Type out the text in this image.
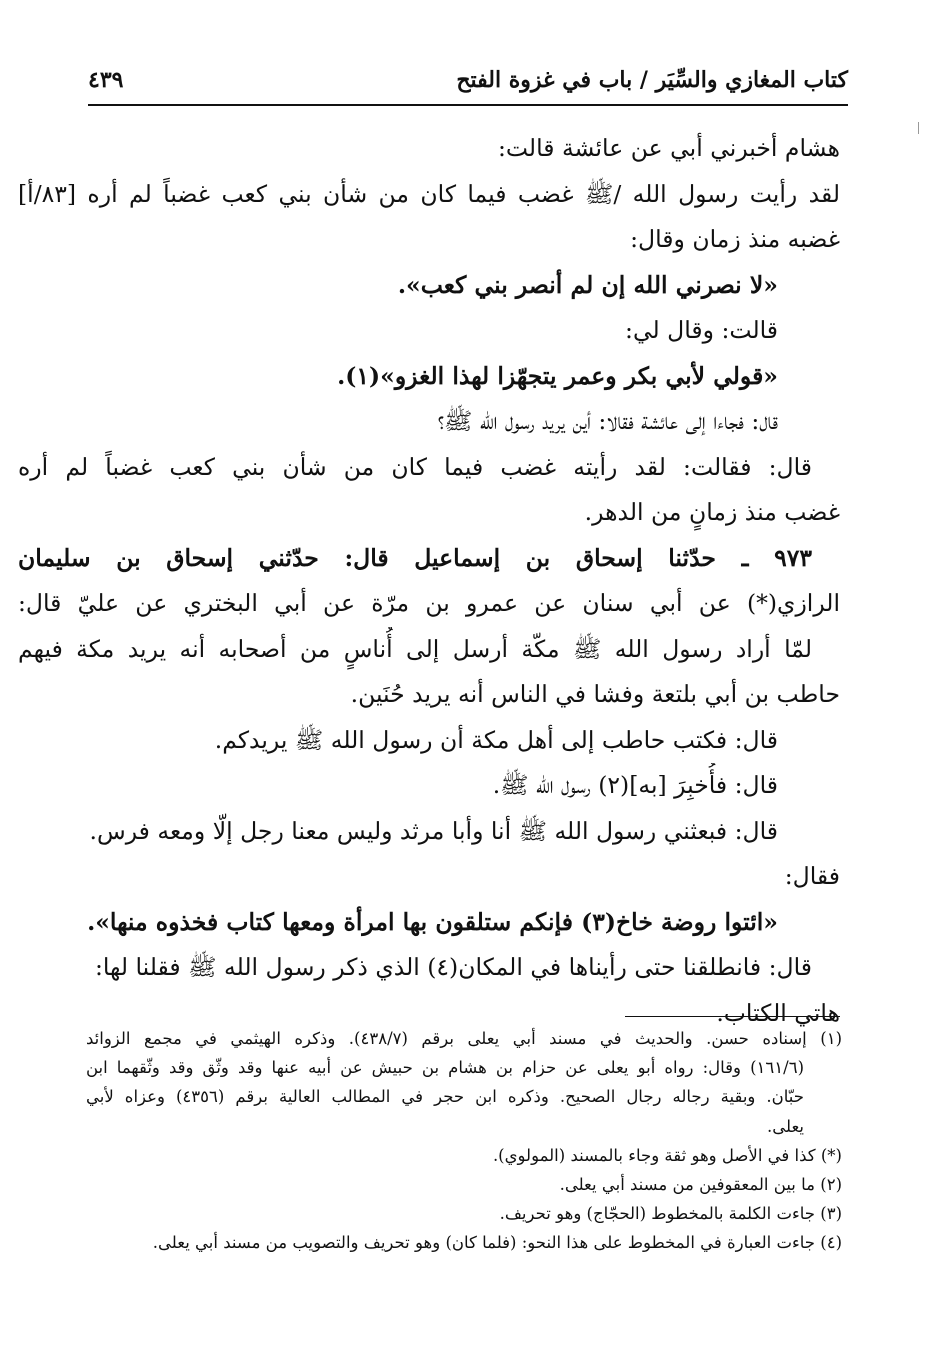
كتاب المغازي والسِّيَر / باب في غزوة الفتح
٤٣٩
هشام أخبرني أبي عن عائشة قالت:
لقد رأيت رسول الله /ﷺ غضب فيما كان من شأن بني كعب غضباً لم أره [٨٣/أ]
غضبه منذ زمان وقال:
«لا نصرني الله إن لم أنصر بني كعب».
قالت: وقال لي:
«قولي لأبي بكر وعمر يتجهّزا لهذا الغزو»(١).
قال: فجاءا إلى عائشة فقالا: أين يريد رسول الله ﷺ؟
قال: فقالت: لقد رأيته غضب فيما كان من شأن بني كعب غضباً لم أره
غضب منذ زمانٍ من الدهر.
٩٧٣ ـ حدّثنا إسحاق بن إسماعيل قال: حدّثني إسحاق بن سليمان
الرازي(*) عن أبي سنان عن عمرو بن مرّة عن أبي البختري عن عليّ قال:
لمّا أراد رسول الله ﷺ مكّة أرسل إلى أُناسٍ من أصحابه أنه يريد مكة فيهم
حاطب بن أبي بلتعة وفشا في الناس أنه يريد حُنَين.
قال: فكتب حاطب إلى أهل مكة أن رسول الله ﷺ يريدكم.
قال: فأُخبِرَ [به](٢) رسول الله ﷺ.
قال: فبعثني رسول الله ﷺ أنا وأبا مرثد وليس معنا رجل إلّا ومعه فرس.
فقال:
«ائتوا روضة خاخ(٣) فإنكم ستلقون بها امرأة ومعها كتاب فخذوه منها».
قال: فانطلقنا حتى رأيناها في المكان(٤) الذي ذكر رسول الله ﷺ فقلنا لها:
هاتي الكتاب.
(١) إسناده حسن. والحديث في مسند أبي يعلى برقم (٤٣٨/٧). وذكره الهيثمي في مجمع الزوائد
(١٦١/٦) وقال: رواه أبو يعلى عن حزام بن هشام بن حبيش عن أبيه عنها وقد وثّق وقد وثّقهما ابن
حبّان. وبقية رجاله رجال الصحيح. وذكره ابن حجر في المطالب العالية برقم (٤٣٥٦) وعزاه لأبي
يعلى.
(*) كذا في الأصل وهو ثقة وجاء بالمسند (المولوي).
(٢) ما بين المعقوفين من مسند أبي يعلى.
(٣) جاءت الكلمة بالمخطوط (الحجّاج) وهو تحريف.
(٤) جاءت العبارة في المخطوط على هذا النحو: (فلما كان) وهو تحريف والتصويب من مسند أبي يعلى.
